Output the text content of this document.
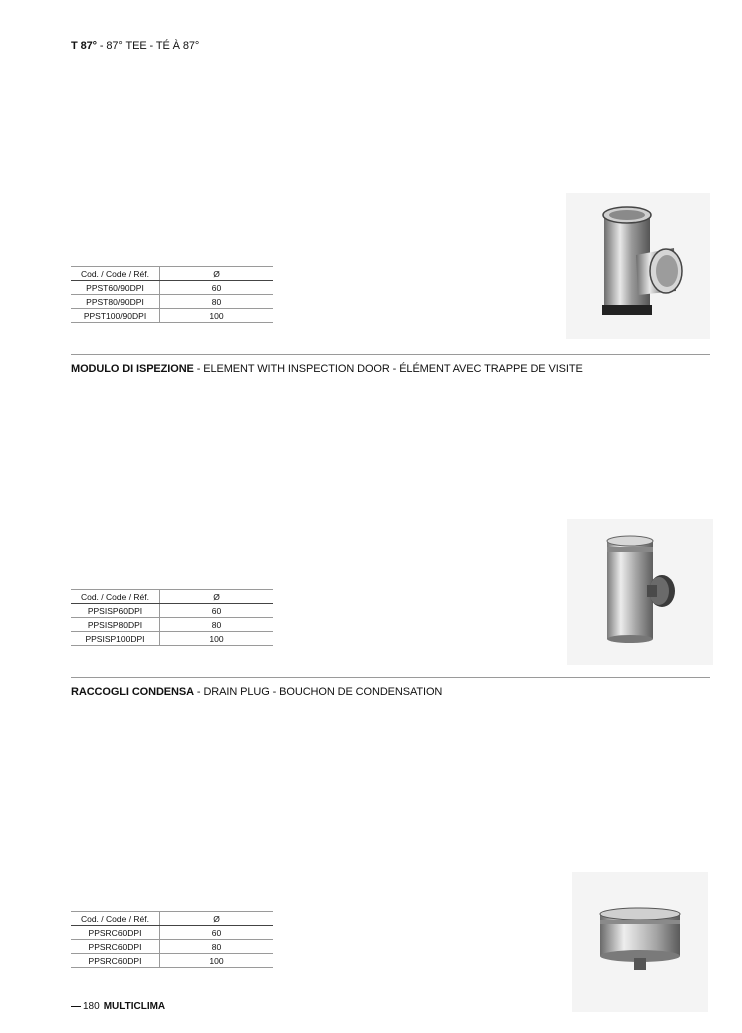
T 87° - 87° TEE - TÉ À 87°
Cod. / Code / Réf.	Ø
PPST60/90DPI	60
PPST80/90DPI	80
PPST100/90DPI	100
MODULO DI ISPEZIONE - ELEMENT WITH INSPECTION DOOR - ÉLÉMENT AVEC TRAPPE DE VISITE
Cod. / Code / Réf.	Ø
PPSISP60DPI	60
PPSISP80DPI	80
PPSISP100DPI	100
RACCOGLI CONDENSA - DRAIN PLUG - BOUCHON DE CONDENSATION
Cod. / Code / Réf.	Ø
PPSRC60DPI	60
PPSRC60DPI	80
PPSRC60DPI	100
180 MULTICLIMA
